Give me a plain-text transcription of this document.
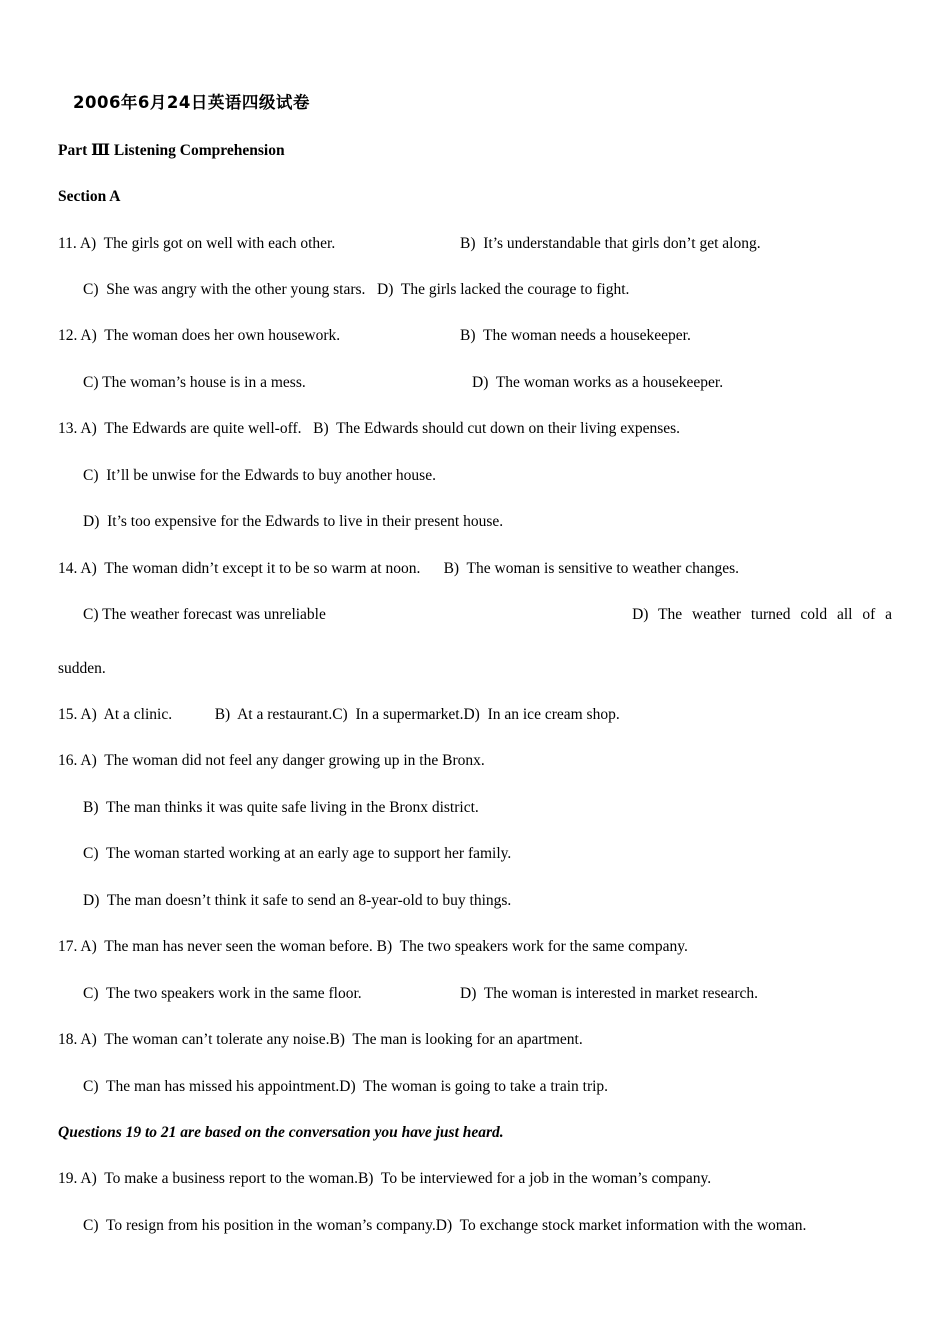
2006年6月24日英语四级试卷
Part Ⅲ Listening Comprehension
Section A
11. A)  The girls got on well with each other.	B)  It’s understandable that girls don’t get along.
C)  She was angry with the other young stars.   D)  The girls lacked the courage to fight.
12. A)  The woman does her own housework.	B)  The woman needs a housekeeper.
C) The woman’s house is in a mess.	D)  The woman works as a housekeeper.
13. A)  The Edwards are quite well-off.   B)  The Edwards should cut down on their living expenses.
C)  It’ll be unwise for the Edwards to buy another house.
D)  It’s too expensive for the Edwards to live in their present house.
14. A)  The woman didn’t except it to be so warm at noon.      B)  The woman is sensitive to weather changes.
C) The weather forecast was unreliable	D) The weather turned cold all of a
sudden.
15. A)  At a clinic.           B)  At a restaurant.C)  In a supermarket.D)  In an ice cream shop.
16. A)  The woman did not feel any danger growing up in the Bronx.
B)  The man thinks it was quite safe living in the Bronx district.
C)  The woman started working at an early age to support her family.
D)  The man doesn’t think it safe to send an 8-year-old to buy things.
17. A)  The man has never seen the woman before. B)  The two speakers work for the same company.
C)  The two speakers work in the same floor.	D)  The woman is interested in market research.
18. A)  The woman can’t tolerate any noise.B)  The man is looking for an apartment.
C)  The man has missed his appointment.D)  The woman is going to take a train trip.
Questions 19 to 21 are based on the conversation you have just heard.
19. A)  To make a business report to the woman.B)  To be interviewed for a job in the woman’s company.
C)  To resign from his position in the woman’s company.D)  To exchange stock market information with the woman.
